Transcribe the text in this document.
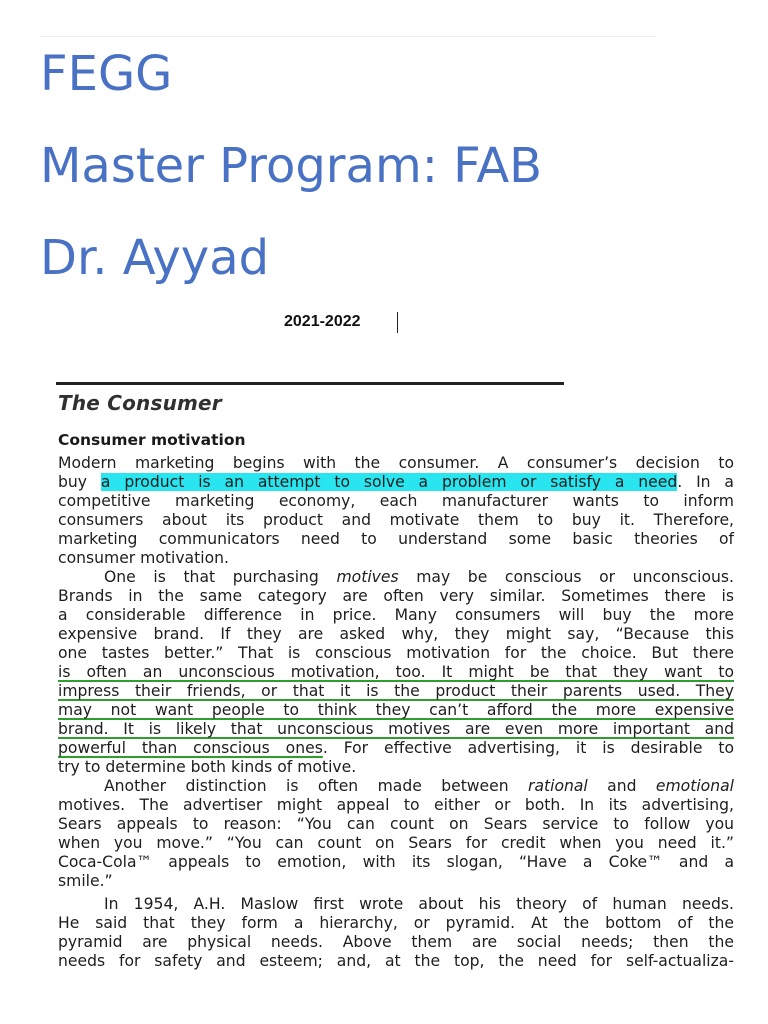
FEGG
Master Program: FAB
Dr. Ayyad
2021-2022
The Consumer
Consumer motivation
Modern marketing begins with the consumer. A consumer’s decision to
buy a product is an attempt to solve a problem or satisfy a need. In a
competitive marketing economy, each manufacturer wants to inform
consumers about its product and motivate them to buy it. Therefore,
marketing communicators need to understand some basic theories of
consumer motivation.
One is that purchasing motives may be conscious or unconscious.
Brands in the same category are often very similar. Sometimes there is
a considerable difference in price. Many consumers will buy the more
expensive brand. If they are asked why, they might say, “Because this
one tastes better.” That is conscious motivation for the choice. But there
is often an unconscious motivation, too. It might be that they want to
impress their friends, or that it is the product their parents used. They
may not want people to think they can’t afford the more expensive
brand. It is likely that unconscious motives are even more important and
powerful than conscious ones. For effective advertising, it is desirable to
try to determine both kinds of motive.
Another distinction is often made between rational and emotional
motives. The advertiser might appeal to either or both. In its advertising,
Sears appeals to reason: “You can count on Sears service to follow you
when you move.” “You can count on Sears for credit when you need it.”
Coca-Cola™ appeals to emotion, with its slogan, “Have a Coke™ and a
smile.”
In 1954, A.H. Maslow first wrote about his theory of human needs.
He said that they form a hierarchy, or pyramid. At the bottom of the
pyramid are physical needs. Above them are social needs; then the
needs for safety and esteem; and, at the top, the need for self-actualiza-
